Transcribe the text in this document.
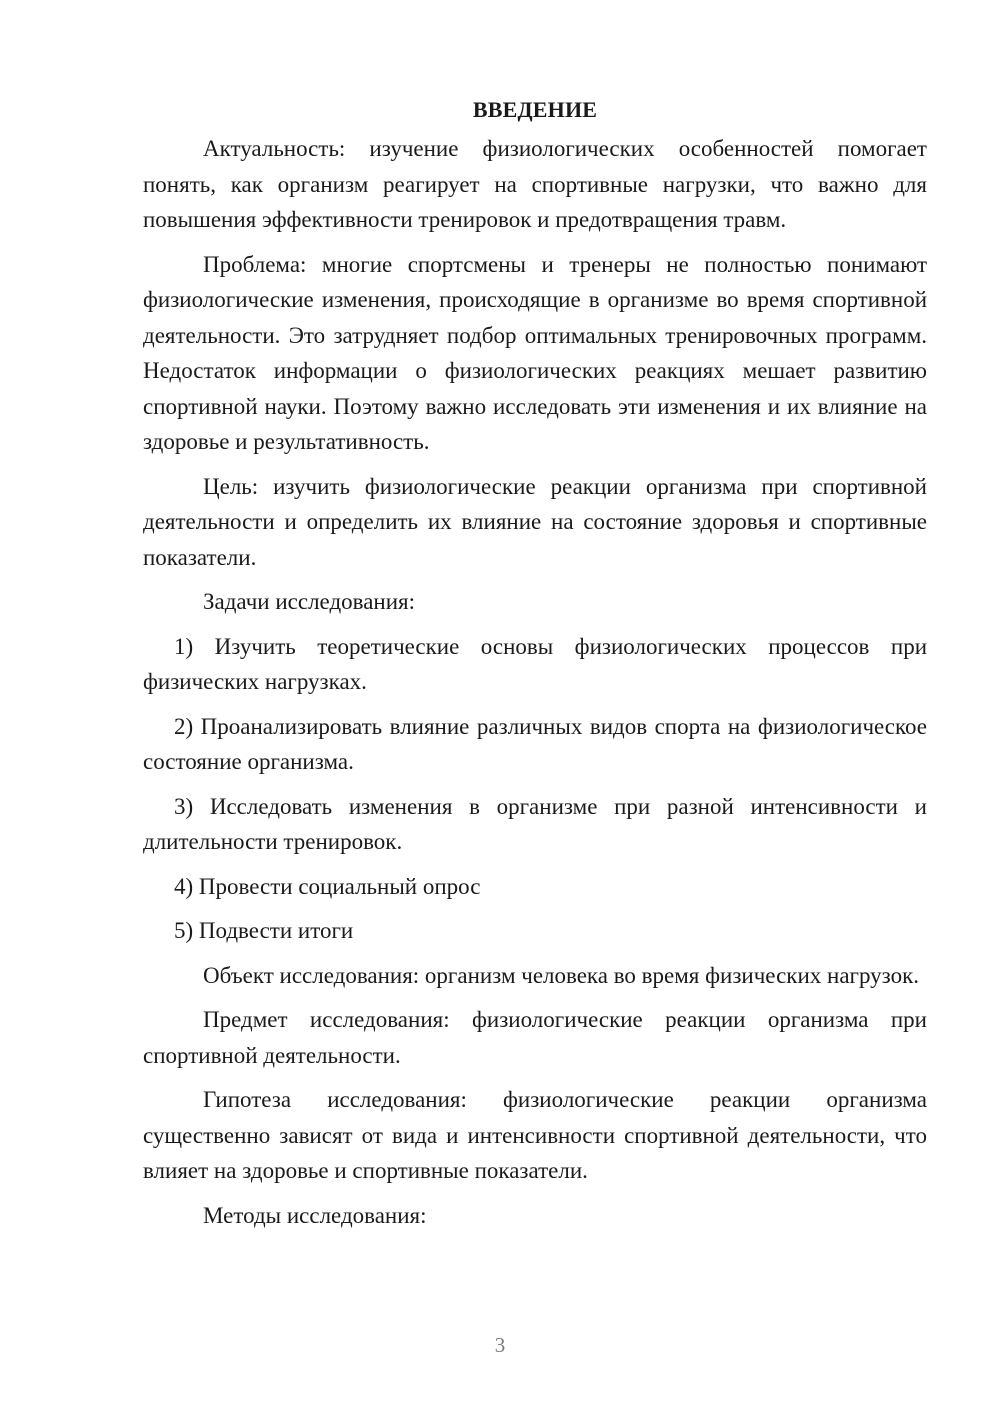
ВВЕДЕНИЕ

Актуальность: изучение физиологических особенностей помогает понять, как организм реагирует на спортивные нагрузки, что важно для повышения эффективности тренировок и предотвращения травм.

Проблема: многие спортсмены и тренеры не полностью понимают физиологические изменения, происходящие в организме во время спортивной деятельности. Это затрудняет подбор оптимальных тренировочных программ. Недостаток информации о физиологических реакциях мешает развитию спортивной науки. Поэтому важно исследовать эти изменения и их влияние на здоровье и результативность.

Цель: изучить физиологические реакции организма при спортивной деятельности и определить их влияние на состояние здоровья и спортивные показатели.

Задачи исследования:

1) Изучить теоретические основы физиологических процессов при физических нагрузках.

2) Проанализировать влияние различных видов спорта на физиологическое состояние организма.

3) Исследовать изменения в организме при разной интенсивности и длительности тренировок.

4) Провести социальный опрос

5) Подвести итоги

Объект исследования: организм человека во время физических нагрузок.

Предмет исследования: физиологические реакции организма при спортивной деятельности.

Гипотеза исследования: физиологические реакции организма существенно зависят от вида и интенсивности спортивной деятельности, что влияет на здоровье и спортивные показатели.

Методы исследования:

3
